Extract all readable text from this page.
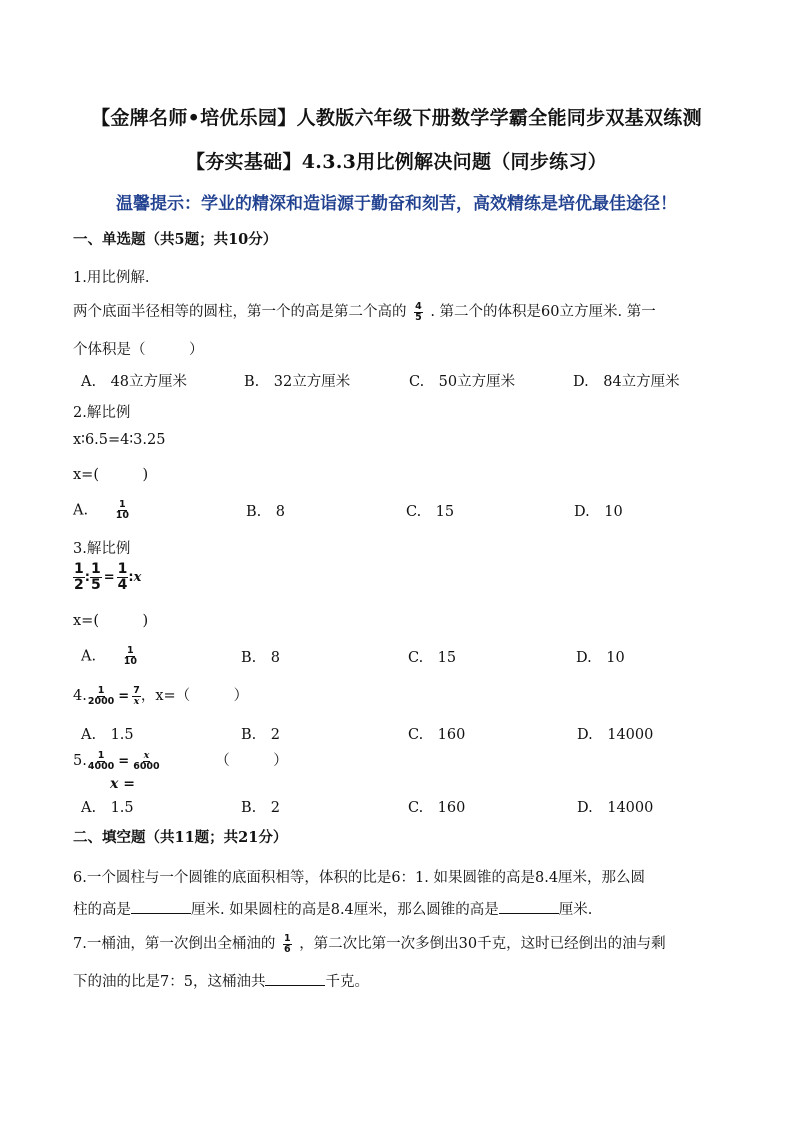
【金牌名师•培优乐园】人教版六年级下册数学学霸全能同步双基双练测
【夯实基础】4.3.3用比例解决问题（同步练习）
温馨提示：学业的精深和造诣源于勤奋和刻苦，高效精练是培优最佳途径！
一、单选题（共5题；共10分）
1.用比例解.
两个底面半径相等的圆柱，第一个的高是第二个高的 $\frac{4}{5}$ . 第二个的体积是60立方厘米. 第一
个体积是（　　　）
A.　48立方厘米	B.　32立方厘米	C.　50立方厘米	D.　84立方厘米
2.解比例
x∶6.5=4∶3.25
x=(　　　)
A.	$\frac{1}{10}$	B.　8	C.　15	D.　10
3.解比例
$\frac{1}{2}$ : $\frac{1}{5} = \frac{1}{4}$ :x
x=(　　　)
A.	$\frac{1}{10}$	B.　8	C.　15	D.　10
4. $\frac{1}{2000} = \frac{7}{x}$ ，x=（　　　）
A.　1.5	B.　2	C.　160	D.　14000
5. $\frac{1}{4000} = \frac{x}{6000}$	（　　　）
x =
A.　1.5	B.　2	C.　160	D.　14000
二、填空题（共11题；共21分）
6.一个圆柱与一个圆锥的底面积相等，体积的比是6：1. 如果圆锥的高是8.4厘米，那么圆
柱的高是	厘米. 如果圆柱的高是8.4厘米，那么圆锥的高是	厘米.
7.一桶油，第一次倒出全桶油的 $\frac{1}{6}$ ，第二次比第一次多倒出30千克，这时已经倒出的油与剩
下的油的比是7：5，这桶油共	千克。
